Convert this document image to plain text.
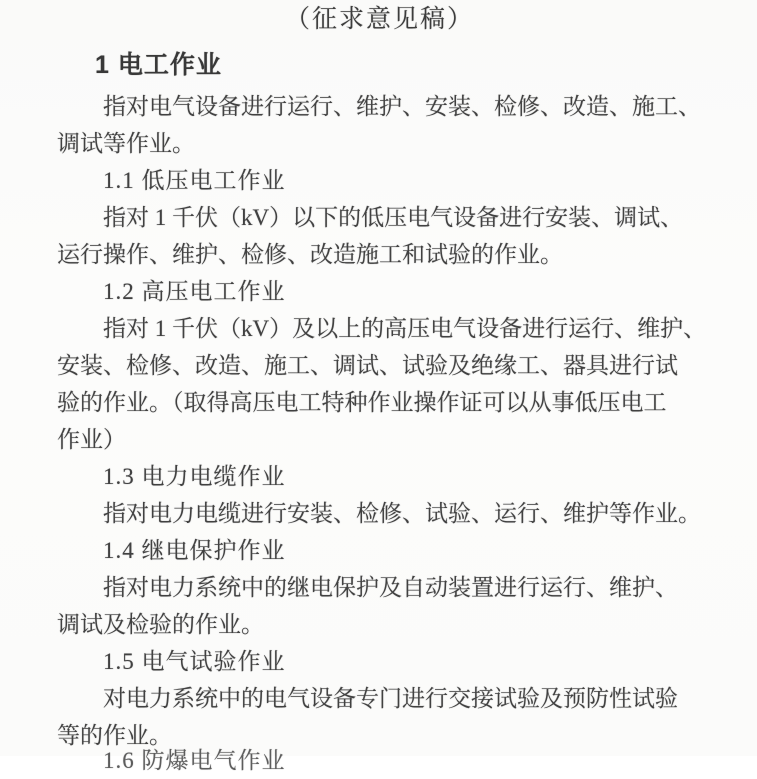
（征求意见稿）
1 电工作业
指对电气设备进行运行、维护、安装、检修、改造、施工、
调试等作业。
1.1 低压电工作业
指对 1 千伏（kV）以下的低压电气设备进行安装、调试、
运行操作、维护、检修、改造施工和试验的作业。
1.2 高压电工作业
指对 1 千伏（kV）及以上的高压电气设备进行运行、维护、
安装、检修、改造、施工、调试、试验及绝缘工、器具进行试
验的作业。（取得高压电工特种作业操作证可以从事低压电工
作业）
1.3 电力电缆作业
指对电力电缆进行安装、检修、试验、运行、维护等作业。
1.4 继电保护作业
指对电力系统中的继电保护及自动装置进行运行、维护、
调试及检验的作业。
1.5 电气试验作业
对电力系统中的电气设备专门进行交接试验及预防性试验
等的作业。
1.6 防爆电气作业
